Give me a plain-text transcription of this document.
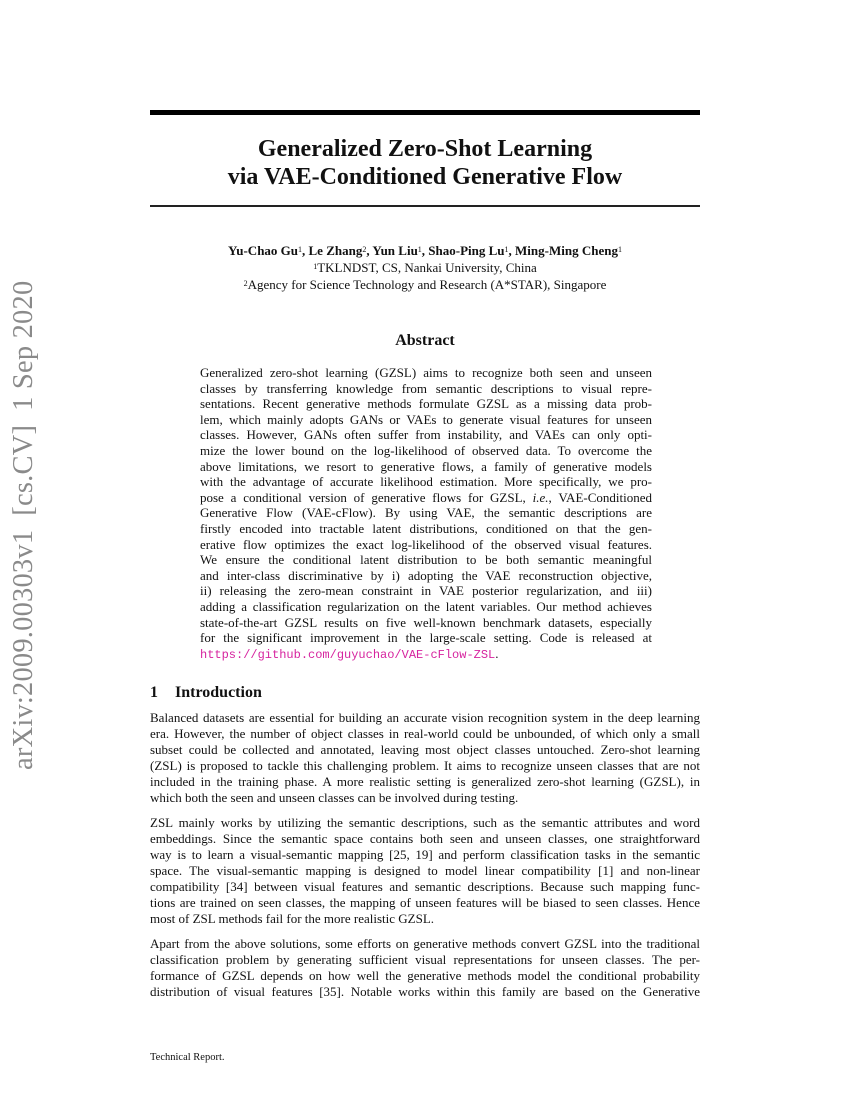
arXiv:2009.00303v1[cs.CV]1 Sep 2020
Generalized Zero-Shot Learning
via VAE-Conditioned Generative Flow
Yu-Chao Gu$^1$, Le Zhang$^2$, Yun Liu$^1$, Shao-Ping Lu$^1$, Ming-Ming Cheng$^1$
$^1$TKLNDST, CS, Nankai University, China
$^2$Agency for Science Technology and Research (A*STAR), Singapore
Abstract
Generalized zero-shot learning (GZSL) aims to recognize both seen and unseen
classes by transferring knowledge from semantic descriptions to visual repre-
sentations. Recent generative methods formulate GZSL as a missing data prob-
lem, which mainly adopts GANs or VAEs to generate visual features for unseen
classes. However, GANs often suffer from instability, and VAEs can only opti-
mize the lower bound on the log-likelihood of observed data. To overcome the
above limitations, we resort to generative flows, a family of generative models
with the advantage of accurate likelihood estimation. More specifically, we pro-
pose a conditional version of generative flows for GZSL, i.e., VAE-Conditioned
Generative Flow (VAE-cFlow). By using VAE, the semantic descriptions are
firstly encoded into tractable latent distributions, conditioned on that the gen-
erative flow optimizes the exact log-likelihood of the observed visual features.
We ensure the conditional latent distribution to be both semantic meaningful
and inter-class discriminative by i) adopting the VAE reconstruction objective,
ii) releasing the zero-mean constraint in VAE posterior regularization, and iii)
adding a classification regularization on the latent variables. Our method achieves
state-of-the-art GZSL results on five well-known benchmark datasets, especially
for the significant improvement in the large-scale setting. Code is released at
https://github.com/guyuchao/VAE-cFlow-ZSL.
1 Introduction
Balanced datasets are essential for building an accurate vision recognition system in the deep learning
era. However, the number of object classes in real-world could be unbounded, of which only a small
subset could be collected and annotated, leaving most object classes untouched. Zero-shot learning
(ZSL) is proposed to tackle this challenging problem. It aims to recognize unseen classes that are not
included in the training phase. A more realistic setting is generalized zero-shot learning (GZSL), in
which both the seen and unseen classes can be involved during testing.
ZSL mainly works by utilizing the semantic descriptions, such as the semantic attributes and word
embeddings. Since the semantic space contains both seen and unseen classes, one straightforward
way is to learn a visual-semantic mapping [25, 19] and perform classification tasks in the semantic
space. The visual-semantic mapping is designed to model linear compatibility [1] and non-linear
compatibility [34] between visual features and semantic descriptions. Because such mapping func-
tions are trained on seen classes, the mapping of unseen features will be biased to seen classes. Hence
most of ZSL methods fail for the more realistic GZSL.
Apart from the above solutions, some efforts on generative methods convert GZSL into the traditional
classification problem by generating sufficient visual representations for unseen classes. The per-
formance of GZSL depends on how well the generative methods model the conditional probability
distribution of visual features [35]. Notable works within this family are based on the Generative
Technical Report.
